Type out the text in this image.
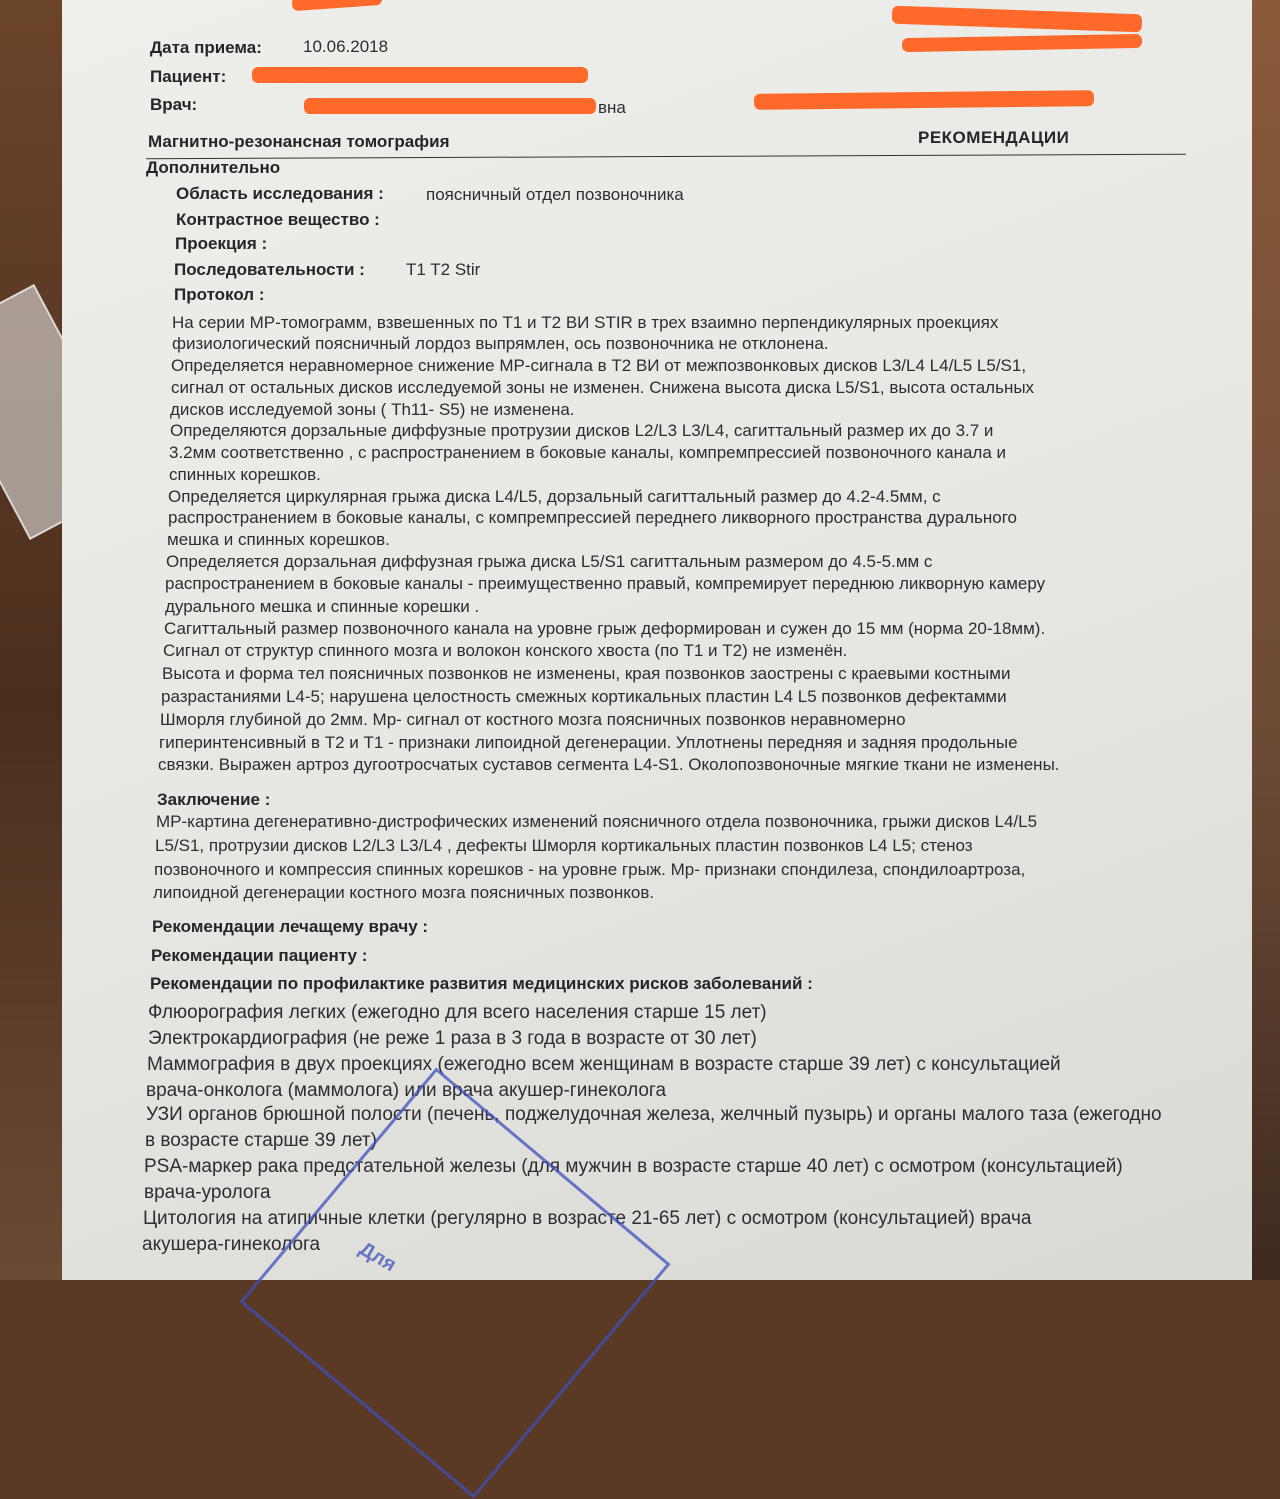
Дата приема: 10.06.2018
Пациент:
Врач:	вна
Магнитно-резонансная томография	РЕКОМЕНДАЦИИ
Дополнительно
Область исследования : поясничный отдел позвоночника
Контрастное вещество :
Проекция :
Последовательности : T1 T2 Stir
Протокол :
На серии МР-томограмм, взвешенных по Т1 и Т2 ВИ STIR в трех взаимно перпендикулярных проекциях
физиологический поясничный лордоз выпрямлен, ось позвоночника не отклонена.
Определяется неравномерное снижение МР-сигнала в Т2 ВИ от межпозвонковых дисков L3/L4 L4/L5 L5/S1,
сигнал от остальных дисков исследуемой зоны не изменен. Снижена высота диска L5/S1, высота остальных
дисков исследуемой зоны ( Th11- S5) не изменена.
Определяются дорзальные диффузные протрузии дисков L2/L3 L3/L4, сагиттальный размер их до 3.7 и
3.2мм соответственно , с распространением в боковые каналы, компремпрессией позвоночного канала и
спинных корешков.
Определяется циркулярная грыжа диска L4/L5, дорзальный сагиттальный размер до 4.2-4.5мм, с
распространением в боковые каналы, с компремпрессией переднего ликворного пространства дурального
мешка и спинных корешков.
Определяется дорзальная диффузная грыжа диска L5/S1 сагиттальным размером до 4.5-5.мм с
распространением в боковые каналы - преимущественно правый, компремирует переднюю ликворную камеру
дурального мешка и спинные корешки .
Сагиттальный размер позвоночного канала на уровне грыж деформирован и сужен до 15 мм (норма 20-18мм).
Сигнал от структур спинного мозга и волокон конского хвоста (по Т1 и Т2) не изменён.
Высота и форма тел поясничных позвонков не изменены, края позвонков заострены с краевыми костными
разрастаниями L4-5; нарушена целостность смежных кортикальных пластин L4 L5 позвонков дефектамми
Шморля глубиной до 2мм. Мр- сигнал от костного мозга поясничных позвонков неравномерно
гиперинтенсивный в Т2 и Т1 - признаки липоидной дегенерации. Уплотнены передняя и задняя продольные
связки. Выражен артроз дугоотросчатых суставов сегмента L4-S1. Околопозвоночные мягкие ткани не изменены.
Заключение :
МР-картина дегенеративно-дистрофических изменений поясничного отдела позвоночника, грыжи дисков L4/L5
L5/S1, протрузии дисков L2/L3 L3/L4 , дефекты Шморля кортикальных пластин позвонков L4 L5; стеноз
позвоночного и компрессия спинных корешков - на уровне грыж. Мр- признаки спондилеза, спондилоартроза,
липоидной дегенерации костного мозга поясничных позвонков.
Рекомендации лечащему врачу :
Рекомендации пациенту :
Рекомендации по профилактике развития медицинских рисков заболеваний :
Флюорография легких (ежегодно для всего населения старше 15 лет)
Электрокардиография (не реже 1 раза в 3 года в возрасте от 30 лет)
Маммография в двух проекциях (ежегодно всем женщинам в возрасте старше 39 лет) с консультацией
врача-онколога (маммолога) или врача акушер-гинеколога
УЗИ органов брюшной полости (печень, поджелудочная железа, желчный пузырь) и органы малого таза (ежегодно
в возрасте старше 39 лет)
PSA-маркер рака предстательной железы (для мужчин в возрасте старше 40 лет) с осмотром (консультацией)
врача-уролога
Цитология на атипичные клетки (регулярно в возрасте 21-65 лет) с осмотром (консультацией) врача
акушера-гинеколога Для
